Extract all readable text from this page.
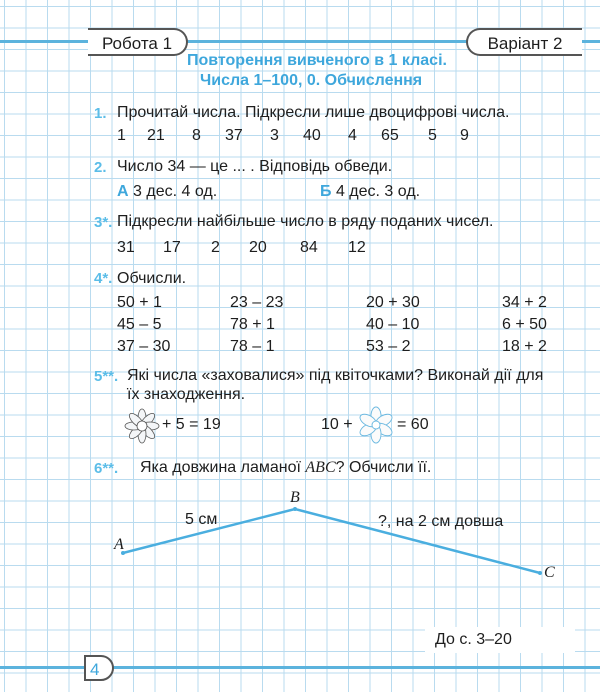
Робота 1	Варіант 2
Повторення вивченого в 1 класі.
Числа 1–100, 0. Обчислення
1. Прочитай числа. Підкресли лише двоцифрові числа.
1 21 8 37 3 40 4 65 5 9
2. Число 34 — це ... . Відповідь обведи.
А 3 дес. 4 од.	Б 4 дес. 3 од.
3*. Підкресли найбільше число в ряду поданих чисел.
31 17 2 20 84 12
4*. Обчисли.
50 + 1	23 – 23	20 + 30	34 + 2
45 – 5	78 + 1	40 – 10	6 + 50
37 – 30	78 – 1	53 – 2	18 + 2
5**. Які числа «заховалися» під квіточками? Виконай дії для
їх знаходження.
+ 5 = 19	10 +	= 60
6**. Яка довжина ламаної ABC? Обчисли її.
A
B
C
5 см	?, на 2 см довша
До с. 3–20
4
